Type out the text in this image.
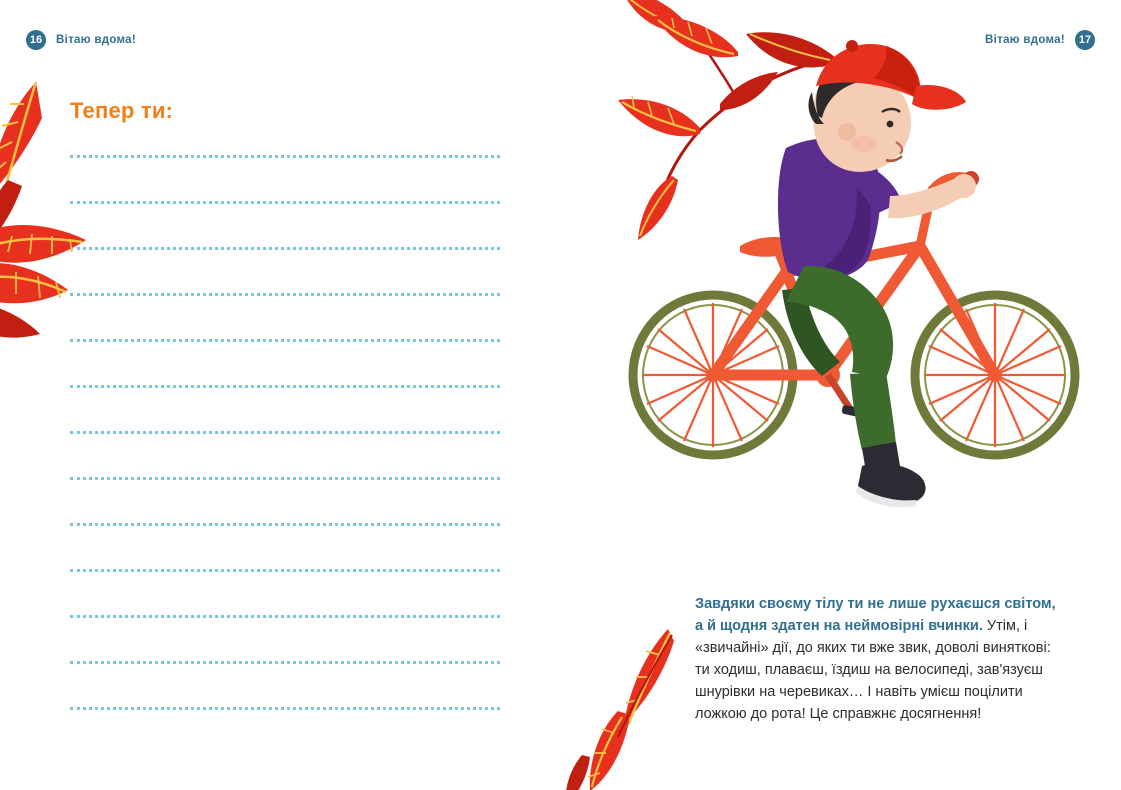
16	Вітаю вдома!
Тепер ти:
Вітаю вдома!	17

Завдяки своєму тілу ти не лише рухаєшся світом, а й щодня здатен на неймовірні вчинки. Утім, і «звичайні» дії, до яких ти вже звик, доволі виняткові: ти ходиш, плаваєш, їздиш на велосипеді, зав'язуєш шнурівки на черевиках… І навіть умієш поцілити ложкою до рота! Це справжнє досягнення!
